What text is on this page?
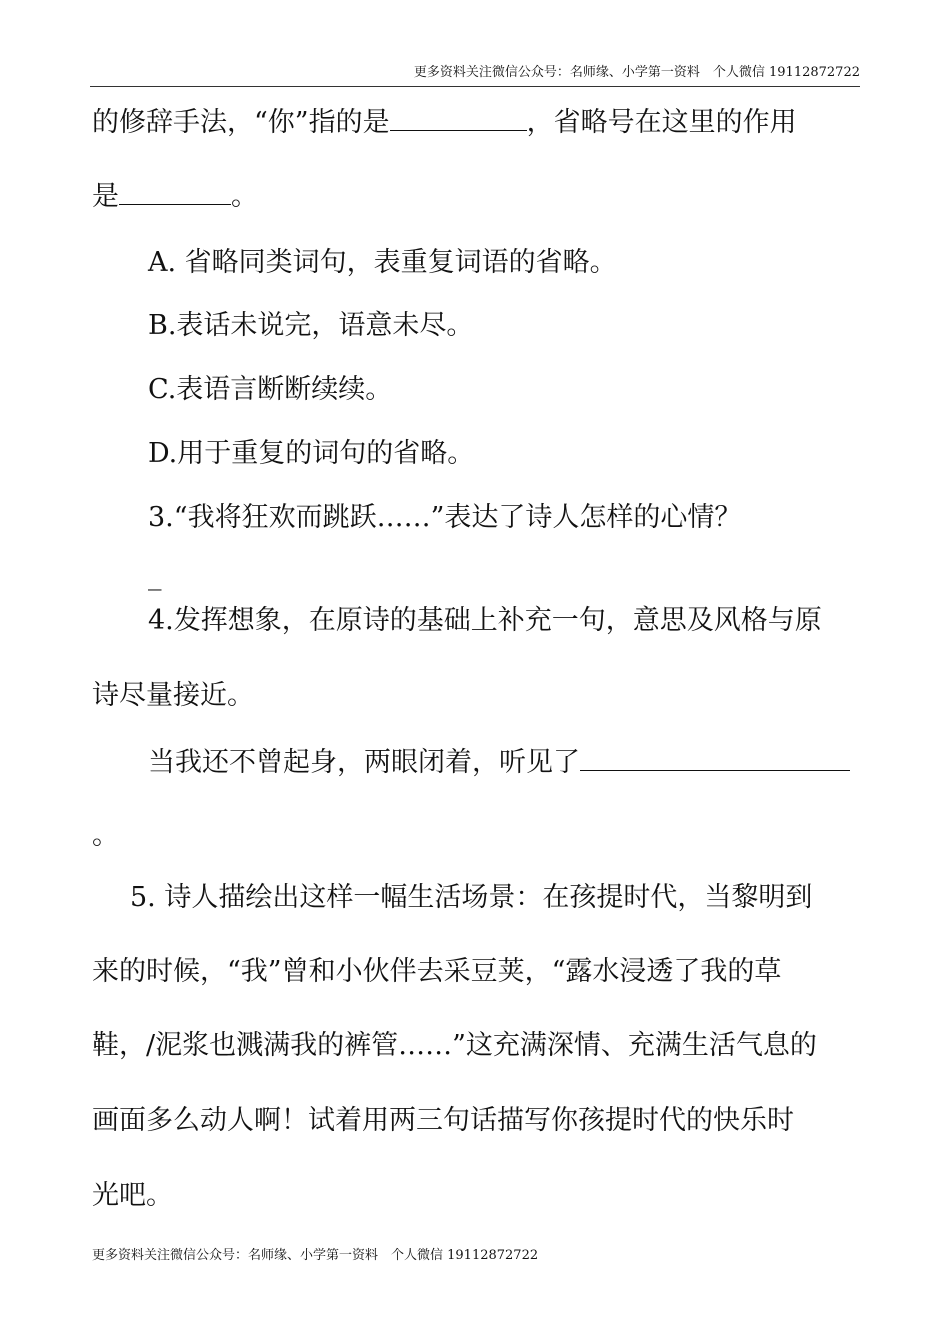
更多资料关注微信公众号：名师缘、小学第一资料　个人微信 19112872722
的修辞手法，“你”指的是	，省略号在这里的作用
是	。
A. 省略同类词句，表重复词语的省略。
B.表话未说完，语意未尽。
C.表语言断断续续。
D.用于重复的词句的省略。
3.“我将狂欢而跳跃……”表达了诗人怎样的心情？
_
4.发挥想象，在原诗的基础上补充一句，意思及风格与原
诗尽量接近。
当我还不曾起身，两眼闭着，听见了
。
5. 诗人描绘出这样一幅生活场景：在孩提时代，当黎明到
来的时候，“我”曾和小伙伴去采豆荚，“露水浸透了我的草
鞋，/泥浆也溅满我的裤管……”这充满深情、充满生活气息的
画面多么动人啊！试着用两三句话描写你孩提时代的快乐时
光吧。
更多资料关注微信公众号：名师缘、小学第一资料　个人微信 19112872722
